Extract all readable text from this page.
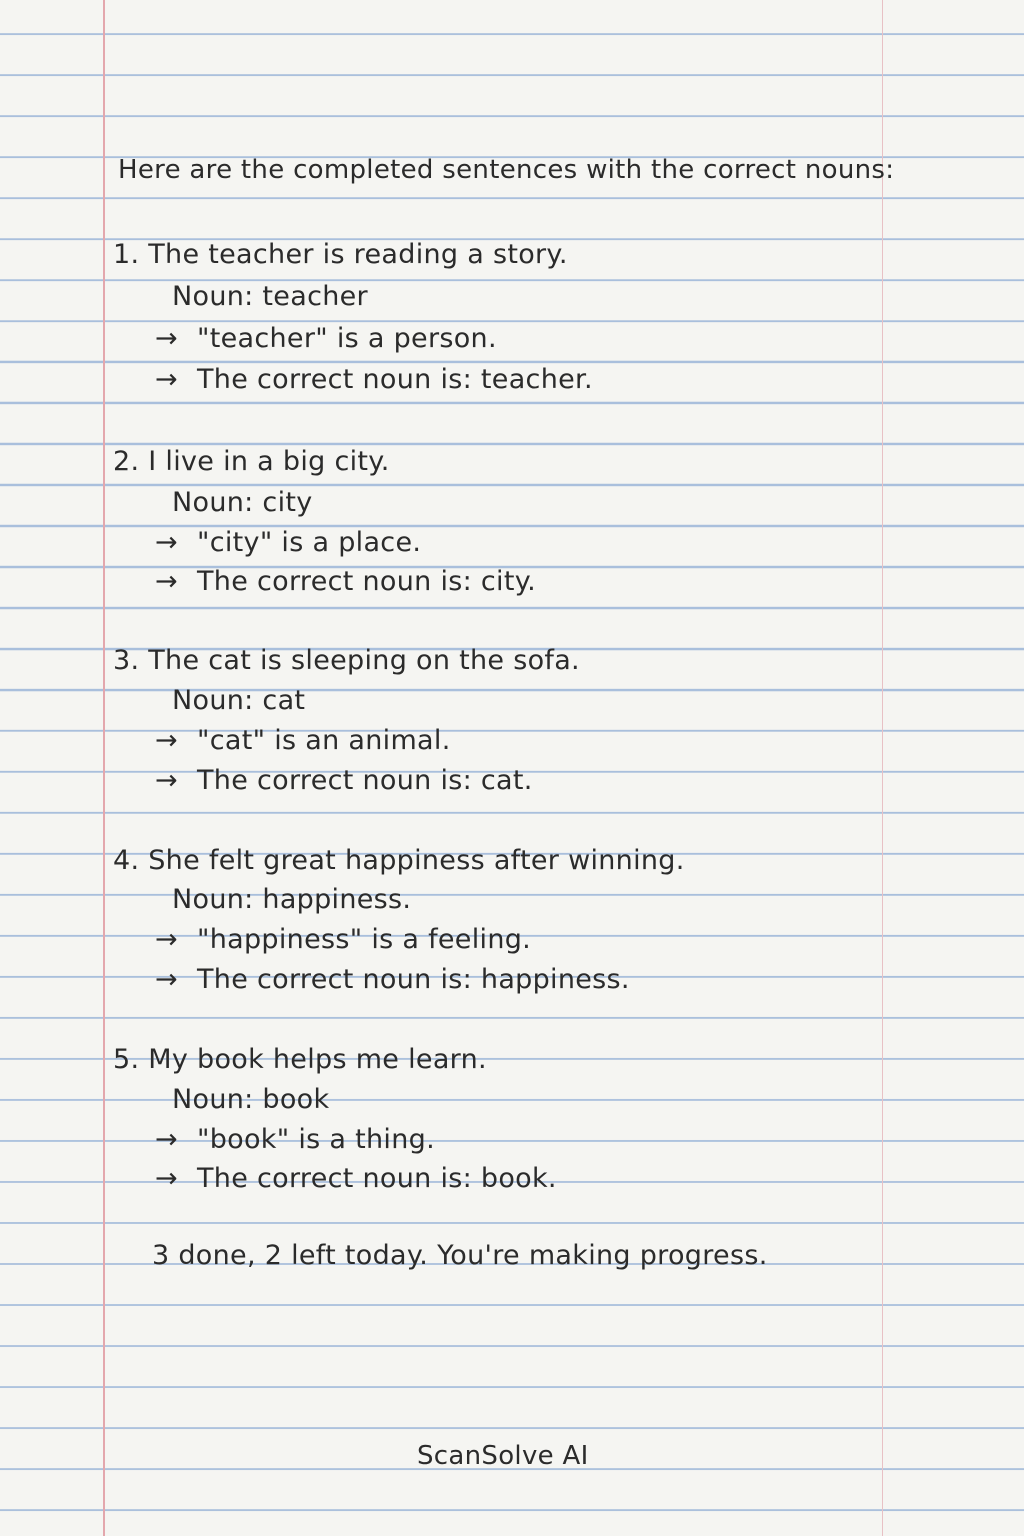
Here are the completed sentences with the correct nouns:
1. The teacher is reading a story.
Noun: teacher
→ "teacher" is a person.
→ The correct noun is: teacher.
2. I live in a big city.
Noun: city
→ "city" is a place.
→ The correct noun is: city.
3. The cat is sleeping on the sofa.
Noun: cat
→ "cat" is an animal.
→ The correct noun is: cat.
4. She felt great happiness after winning.
Noun: happiness.
→ "happiness" is a feeling.
→ The correct noun is: happiness.
5. My book helps me learn.
Noun: book
→ "book" is a thing.
→ The correct noun is: book.
3 done, 2 left today. You're making progress.
ScanSolve AI
